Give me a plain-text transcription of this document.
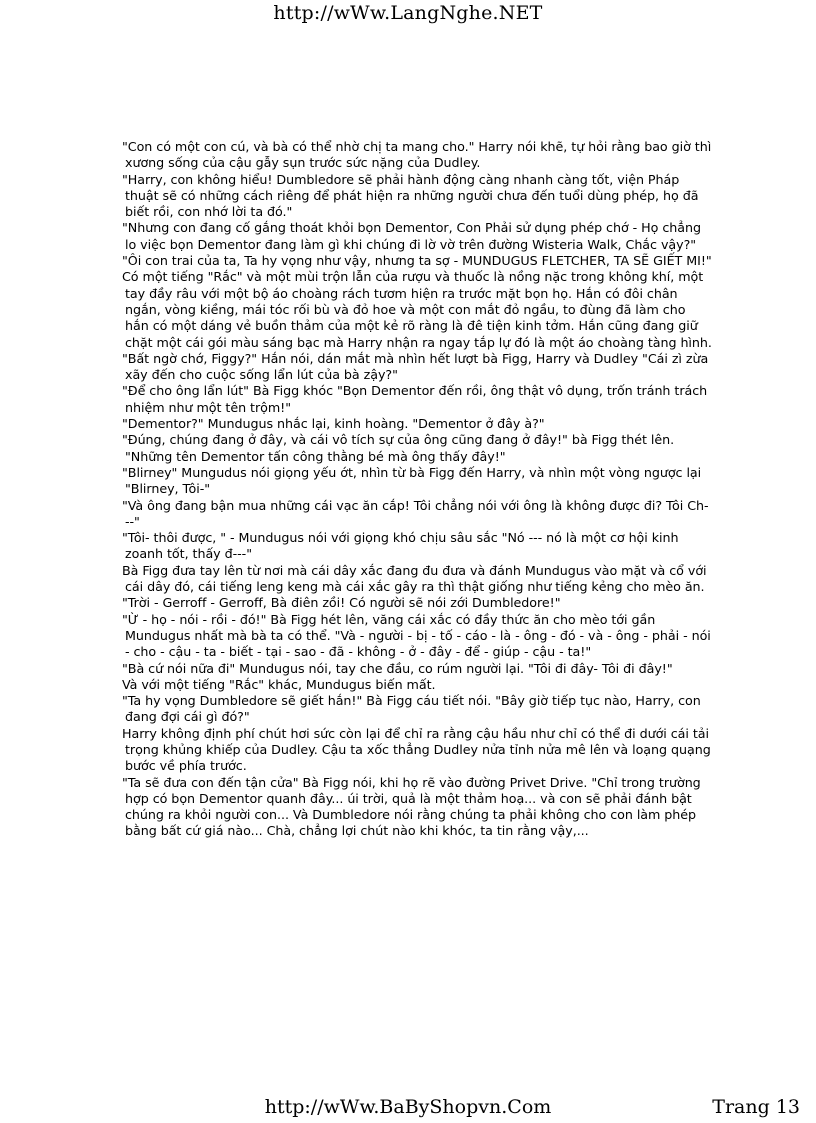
http://wWw.LangNghe.NET

"Con có một con cú, và bà có thể nhờ chị ta mang cho." Harry nói khẽ, tự hỏi rằng bao giờ thì xương sống của cậu gẫy sụn trước sức nặng của Dudley.

"Harry, con không hiểu! Dumbledore sẽ phải hành động càng nhanh càng tốt, viện Pháp thuật sẽ có những cách riêng để phát hiện ra những người chưa đến tuổi dùng phép, họ đã biết rồi, con nhớ lời ta đó."

"Nhưng con đang cố gắng thoát khỏi bọn Dementor, Con Phải sử dụng phép chớ - Họ chẳng lo việc bọn Dementor đang làm gì khi chúng đi lờ vờ trên đường Wisteria Walk, Chắc vậy?"

"Ôi con trai của ta, Ta hy vọng như vậy, nhưng ta sợ - MUNDUGUS FLETCHER, TA SẼ GIẾT MI!"

Có một tiếng "Rắc" và một mùi trộn lẫn của rượu và thuốc là nồng nặc trong không khí, một tay đầy râu với một bộ áo choàng rách tươm hiện ra trước mặt bọn họ. Hắn có đôi chân ngắn, vòng kiềng, mái tóc rối bù và đỏ hoe và một con mắt đỏ ngầu, to đùng đã làm cho hắn có một dáng vẻ buồn thảm của một kẻ rõ ràng là đê tiện kinh tởm. Hắn cũng đang giữ chặt một cái gói màu sáng bạc mà Harry nhận ra ngay tắp lự đó là một áo choàng tàng hình.

"Bất ngờ chớ, Figgy?" Hắn nói, dán mắt mà nhìn hết lượt bà Figg, Harry và Dudley "Cái zì zừa xãy đến cho cuộc sống lẩn lút của bà zậy?"

"Để cho ông lẩn lút" Bà Figg khóc "Bọn Dementor đến rồi, ông thật vô dụng, trốn tránh trách nhiệm như một tên trộm!"

"Dementor?" Mundugus nhắc lại, kinh hoàng. "Dementor ở đây à?"

"Đúng, chúng đang ở đây, và cái vô tích sự của ông cũng đang ở đây!" bà Figg thét lên. "Những tên Dementor tấn công thằng bé mà ông thấy đây!"

"Blirney" Mungudus nói giọng yếu ớt, nhìn từ bà Figg đến Harry, và nhìn một vòng ngược lại "Blirney, Tôi-"

"Và ông đang bận mua những cái vạc ăn cắp! Tôi chẳng nói với ông là không được đi? Tôi Ch---"

"Tôi- thôi được, " - Mundugus nói với giọng khó chịu sâu sắc "Nó --- nó là một cơ hội kinh zoanh tốt, thấy đ---"

Bà Figg đưa tay lên từ nơi mà cái dây xắc đang đu đưa và đánh Mundugus vào mặt và cổ với cái dây đó, cái tiếng leng keng mà cái xắc gây ra thì thật giống như tiếng kẻng cho mèo ăn.

"Trời - Gerroff - Gerroff, Bà điên zồi! Có người sẽ nói zới Dumbledore!"

"Ừ - họ - nói - rồi - đó!" Bà Figg hét lên, văng cái xắc có đầy thức ăn cho mèo tới gần Mundugus nhất mà bà ta có thể. "Và - người - bị - tố - cáo - là - ông - đó - và - ông - phải - nói - cho - cậu - ta - biết - tại - sao - đã - không - ở - đây - để - giúp - cậu - ta!"

"Bà cứ nói nữa đi" Mundugus nói, tay che đầu, co rúm người lại. "Tôi đi đây- Tôi đi đây!"

Và với một tiếng "Rắc" khác, Mundugus biến mất.

"Ta hy vọng Dumbledore sẽ giết hắn!" Bà Figg cáu tiết nói. "Bây giờ tiếp tục nào, Harry, con đang đợi cái gì đó?"

Harry không định phí chút hơi sức còn lại để chỉ ra rằng cậu hầu như chỉ có thể đi dưới cái tải trọng khủng khiếp của Dudley. Cậu ta xốc thẳng Dudley nửa tỉnh nửa mê lên và loạng quạng bước về phía trước.

"Ta sẽ đưa con đến tận cửa" Bà Figg nói, khi họ rẽ vào đường Privet Drive. "Chỉ trong trường hợp có bọn Dementor quanh đây... úi trời, quả là một thảm hoạ... và con sẽ phải đánh bật chúng ra khỏi người con... Và Dumbledore nói rằng chúng ta phải không cho con làm phép bằng bất cứ giá nào... Chà, chẳng lợi chút nào khi khóc, ta tin rằng vậy,...

http://wWw.BaByShopvn.Com	Trang 13
